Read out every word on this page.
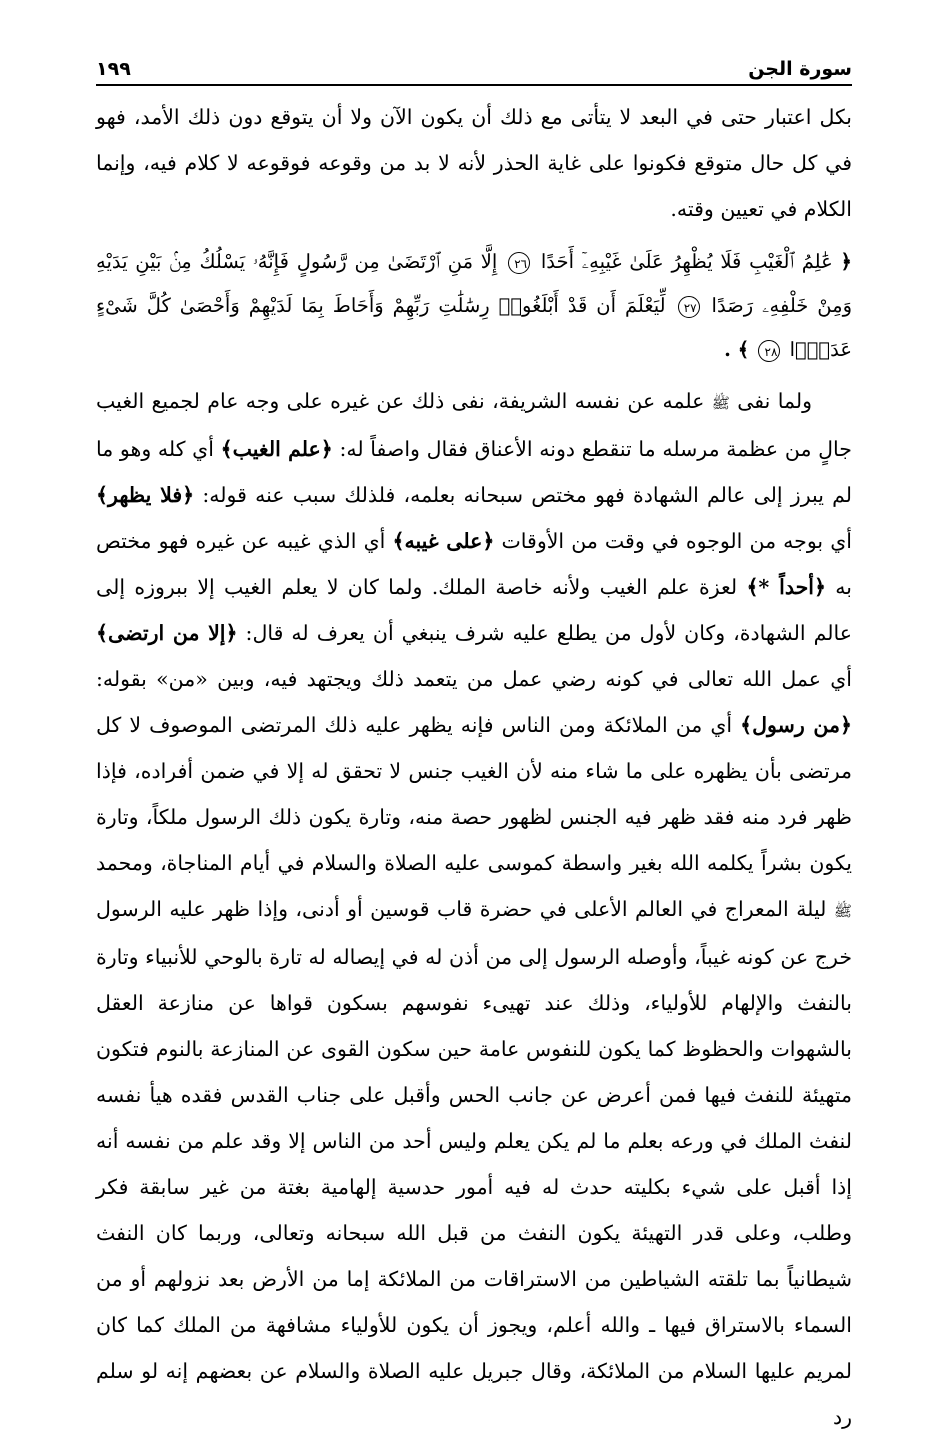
سورة الجن
١٩٩

بكل اعتبار حتى في البعد لا يتأتى مع ذلك أن يكون الآن ولا أن يتوقع دون ذلك الأمد، فهو في كل حال متوقع فكونوا على غاية الحذر لأنه لا بد من وقوعه فوقوعه لا كلام فيه، وإنما الكلام في تعيين وقته.

﴿ عَٰلِمُ ٱلْغَيْبِ فَلَا يُظْهِرُ عَلَىٰ غَيْبِهِۦٓ أَحَدًا ٢٦ إِلَّا مَنِ ٱرْتَضَىٰ مِن رَّسُولٍ فَإِنَّهُۥ يَسْلُكُ مِنۢ بَيْنِ يَدَيْهِ وَمِنْ خَلْفِهِۦ رَصَدًا ٢٧ لِّيَعْلَمَ أَن قَدْ أَبْلَغُوا۟ رِسَٰلَٰتِ رَبِّهِمْ وَأَحَاطَ بِمَا لَدَيْهِمْ وَأَحْصَىٰ كُلَّ شَىْءٍ عَدَدًۢا ٢٨ ﴾ .

ولما نفى ﷺ علمه عن نفسه الشريفة، نفى ذلك عن غيره على وجه عام لجميع الغيب جالٍ من عظمة مرسله ما تنقطع دونه الأعناق فقال واصفاً له: ﴿علم الغيب﴾ أي كله وهو ما لم يبرز إلى عالم الشهادة فهو مختص سبحانه بعلمه، فلذلك سبب عنه قوله: ﴿فلا يظهر﴾ أي بوجه من الوجوه في وقت من الأوقات ﴿على غيبه﴾ أي الذي غيبه عن غيره فهو مختص به ﴿أحداً *﴾ لعزة علم الغيب ولأنه خاصة الملك. ولما كان لا يعلم الغيب إلا ببروزه إلى عالم الشهادة، وكان لأول من يطلع عليه شرف ينبغي أن يعرف له قال: ﴿إلا من ارتضى﴾ أي عمل الله تعالى في كونه رضي عمل من يتعمد ذلك ويجتهد فيه، وبين «من» بقوله: ﴿من رسول﴾ أي من الملائكة ومن الناس فإنه يظهر عليه ذلك المرتضى الموصوف لا كل مرتضى بأن يظهره على ما شاء منه لأن الغيب جنس لا تحقق له إلا في ضمن أفراده، فإذا ظهر فرد منه فقد ظهر فيه الجنس لظهور حصة منه، وتارة يكون ذلك الرسول ملكاً، وتارة يكون بشراً يكلمه الله بغير واسطة كموسى عليه الصلاة والسلام في أيام المناجاة، ومحمد ﷺ ليلة المعراج في العالم الأعلى في حضرة قاب قوسين أو أدنى، وإذا ظهر عليه الرسول خرج عن كونه غيباً، وأوصله الرسول إلى من أذن له في إيصاله له تارة بالوحي للأنبياء وتارة بالنفث والإلهام للأولياء، وذلك عند تهيىء نفوسهم بسكون قواها عن منازعة العقل بالشهوات والحظوظ كما يكون للنفوس عامة حين سكون القوى عن المنازعة بالنوم فتكون متهيئة للنفث فيها فمن أعرض عن جانب الحس وأقبل على جناب القدس فقده هيأ نفسه لنفث الملك في ورعه بعلم ما لم يكن يعلم وليس أحد من الناس إلا وقد علم من نفسه أنه إذا أقبل على شيء بكليته حدث له فيه أمور حدسية إلهامية بغتة من غير سابقة فكر وطلب، وعلى قدر التهيئة يكون النفث من قبل الله سبحانه وتعالى، وربما كان النفث شيطانياً بما تلقته الشياطين من الاستراقات من الملائكة إما من الأرض بعد نزولهم أو من السماء بالاستراق فيها ـ والله أعلم، ويجوز أن يكون للأولياء مشافهة من الملك كما كان لمريم عليها السلام من الملائكة، وقال جبريل عليه الصلاة والسلام عن بعضهم إنه لو سلم رد
